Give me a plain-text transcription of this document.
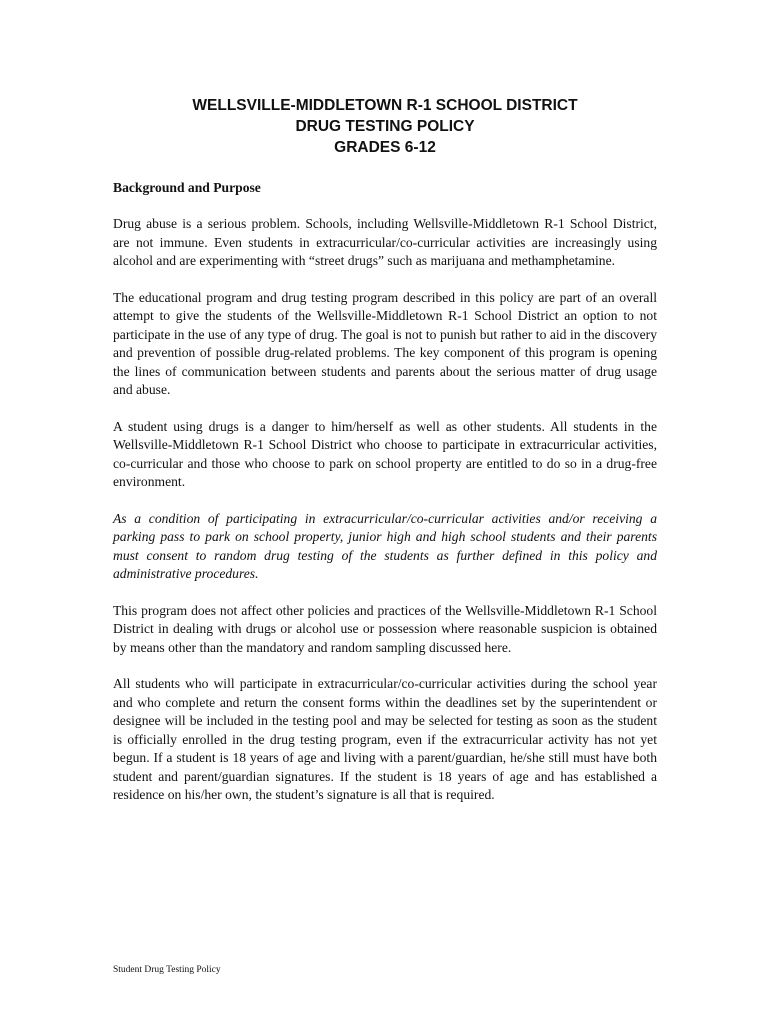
WELLSVILLE-MIDDLETOWN R-1 SCHOOL DISTRICT
DRUG TESTING POLICY
GRADES 6-12

Background and Purpose

Drug abuse is a serious problem. Schools, including Wellsville-Middletown R-1 School District, are not immune. Even students in extracurricular/co-curricular activities are increasingly using alcohol and are experimenting with “street drugs” such as marijuana and methamphetamine.

The educational program and drug testing program described in this policy are part of an overall attempt to give the students of the Wellsville-Middletown R-1 School District an option to not participate in the use of any type of drug. The goal is not to punish but rather to aid in the discovery and prevention of possible drug-related problems. The key component of this program is opening the lines of communication between students and parents about the serious matter of drug usage and abuse.

A student using drugs is a danger to him/herself as well as other students. All students in the Wellsville-Middletown R-1 School District who choose to participate in extracurricular activities, co-curricular and those who choose to park on school property are entitled to do so in a drug-free environment.

As a condition of participating in extracurricular/co-curricular activities and/or receiving a parking pass to park on school property, junior high and high school students and their parents must consent to random drug testing of the students as further defined in this policy and administrative procedures.

This program does not affect other policies and practices of the Wellsville-Middletown R-1 School District in dealing with drugs or alcohol use or possession where reasonable suspicion is obtained by means other than the mandatory and random sampling discussed here.

All students who will participate in extracurricular/co-curricular activities during the school year and who complete and return the consent forms within the deadlines set by the superintendent or designee will be included in the testing pool and may be selected for testing as soon as the student is officially enrolled in the drug testing program, even if the extracurricular activity has not yet begun. If a student is 18 years of age and living with a parent/guardian, he/she still must have both student and parent/guardian signatures. If the student is 18 years of age and has established a residence on his/her own, the student’s signature is all that is required.

Student Drug Testing Policy
